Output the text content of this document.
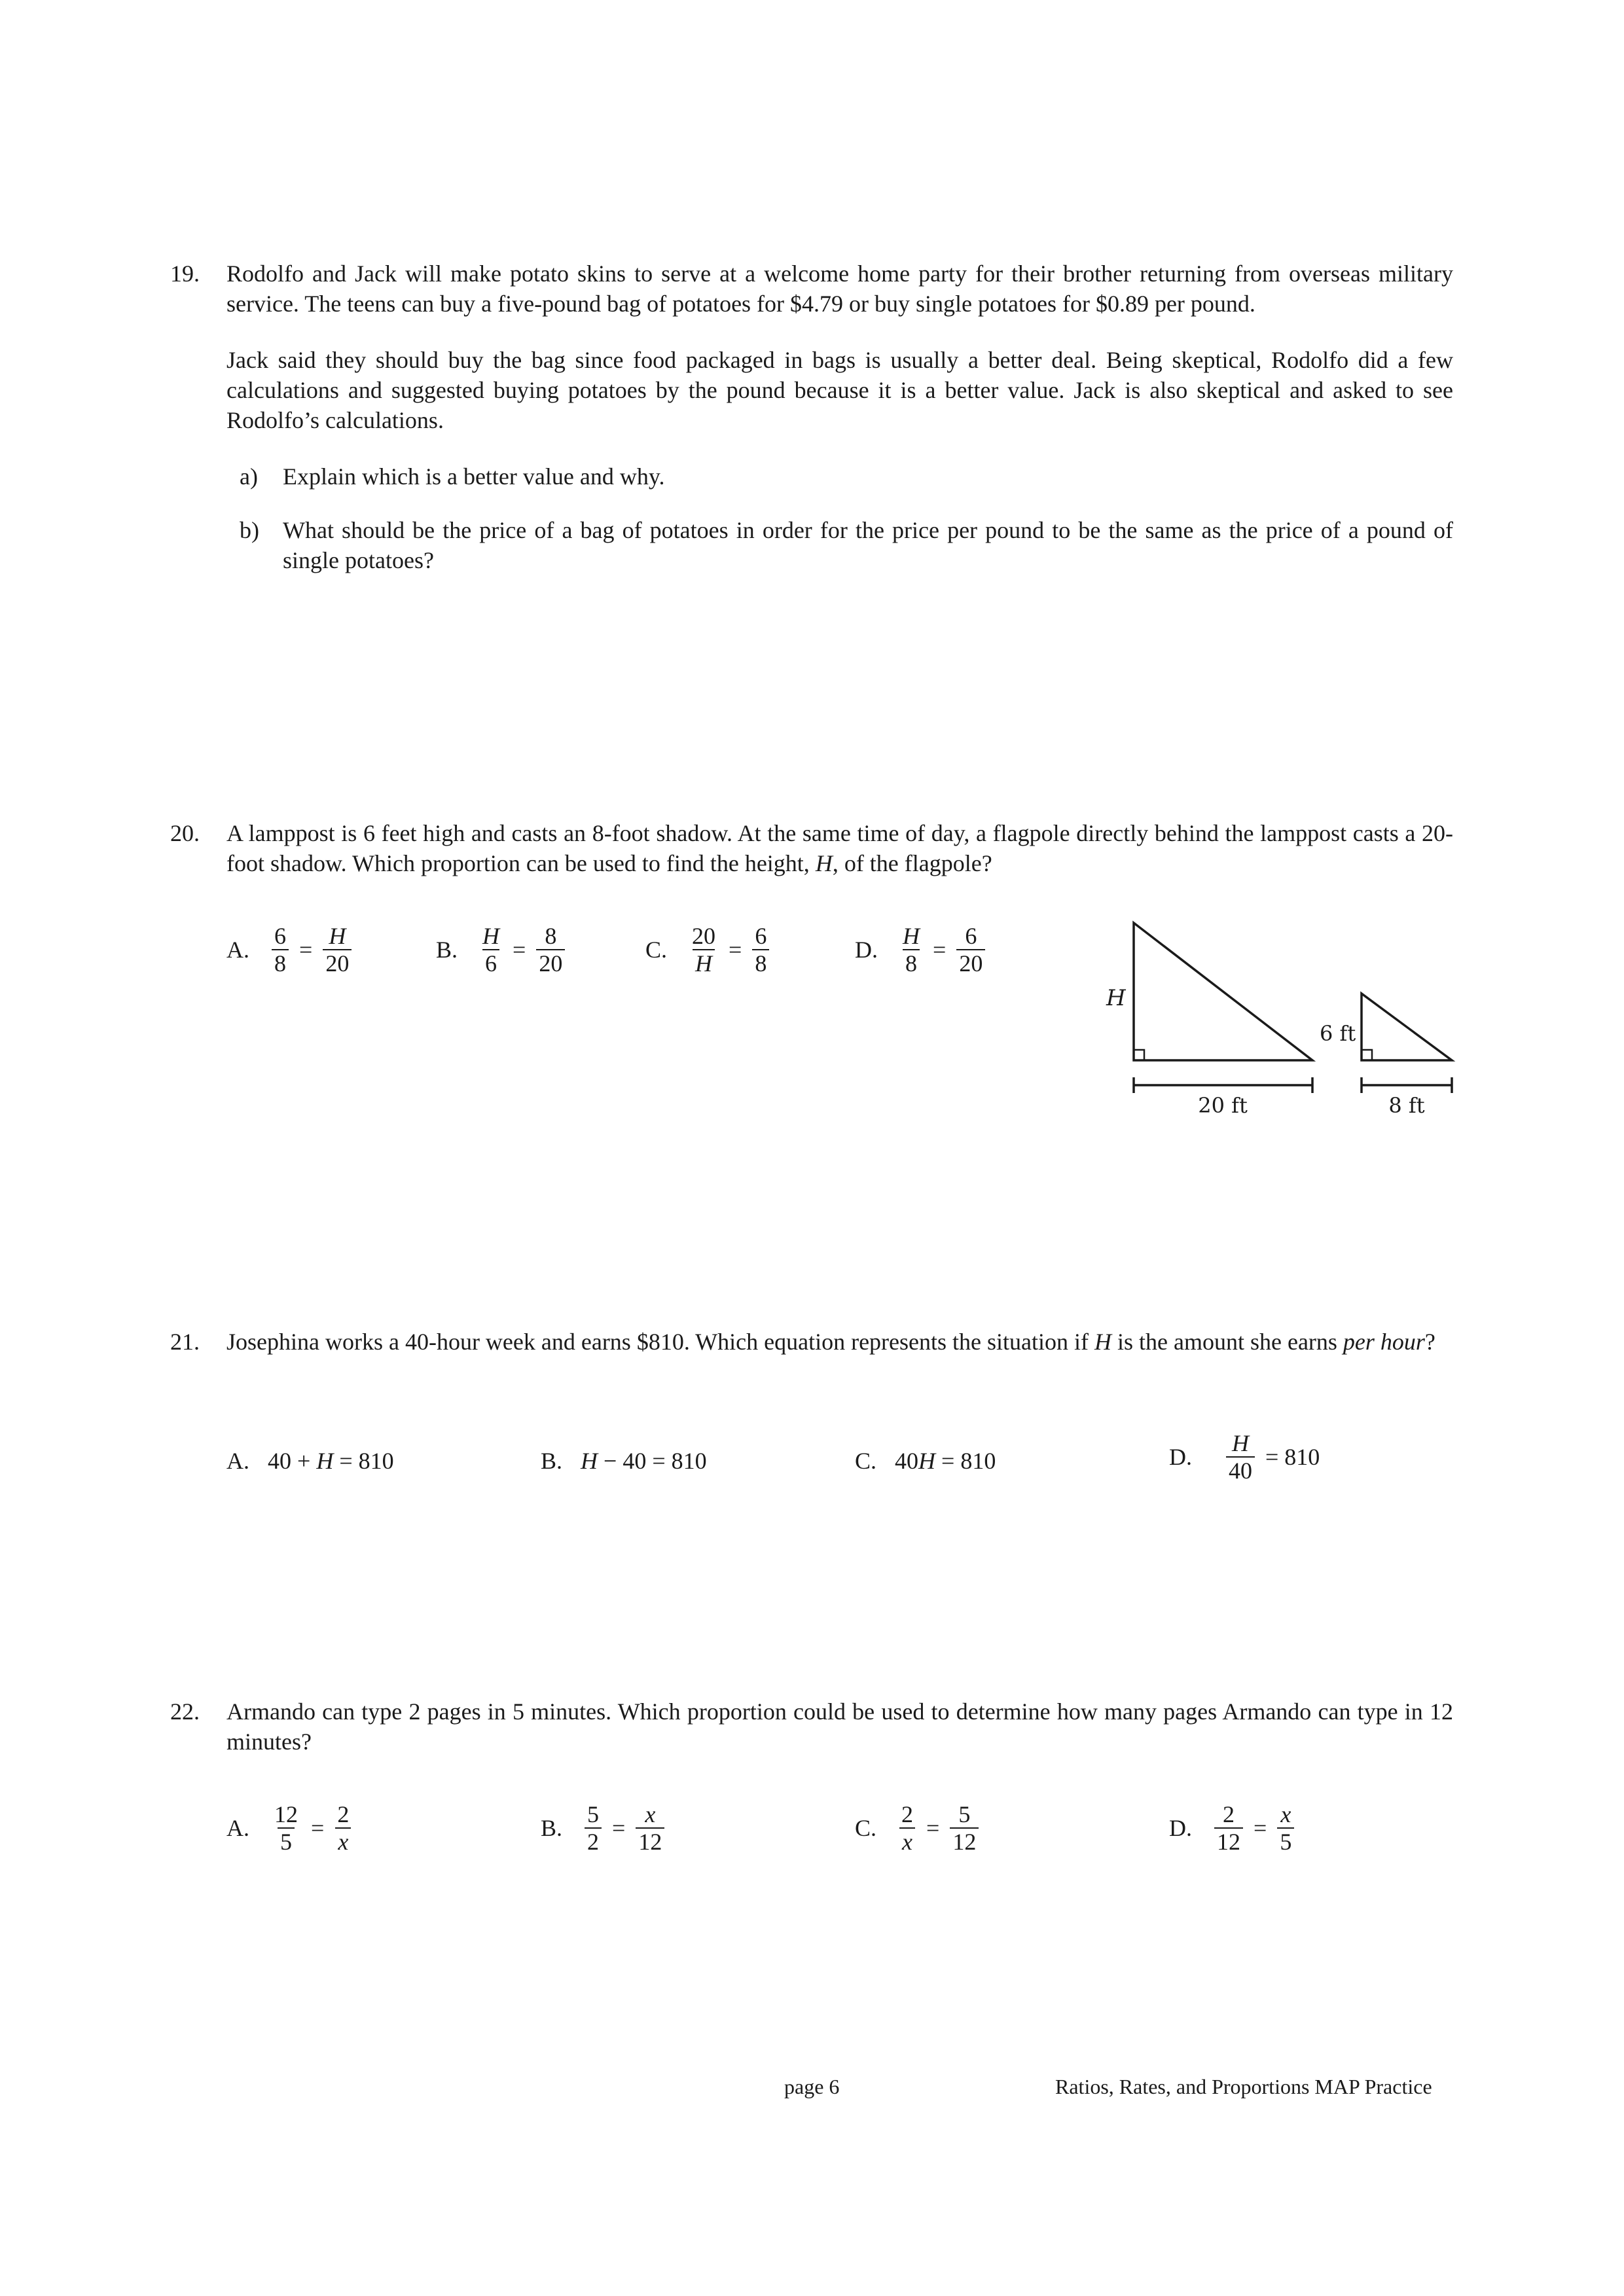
19. Rodolfo and Jack will make potato skins to serve at a welcome home party for their brother returning from overseas military service. The teens can buy a five-pound bag of potatoes for $4.79 or buy single potatoes for $0.89 per pound.

Jack said they should buy the bag since food packaged in bags is usually a better deal. Being skeptical, Rodolfo did a few calculations and suggested buying potatoes by the pound because it is a better value. Jack is also skeptical and asked to see Rodolfo’s calculations.

a) Explain which is a better value and why.
b) What should be the price of a bag of potatoes in order for the price per pound to be the same as the price of a pound of single potatoes?
20. A lamppost is 6 feet high and casts an 8-foot shadow. At the same time of day, a flagpole directly behind the lamppost casts a 20-foot shadow. Which proportion can be used to find the height, H, of the flagpole?
A. $\frac{6}{8} = \frac{H}{20}$	B. $\frac{H}{6} = \frac{8}{20}$	C. $\frac{20}{H} = \frac{6}{8}$	D. $\frac{H}{8} = \frac{6}{20}$
H
6 ft
20 ft	8 ft
21. Josephina works a 40-hour week and earns $810. Which equation represents the situation if H is the amount she earns per hour?
A. 40 + H = 810	B. H − 40 = 810	C. 40 H = 810	D. $\frac{H}{40} = 810$
22. Armando can type 2 pages in 5 minutes. Which proportion could be used to determine how many pages Armando can type in 12 minutes?
A. $\frac{12}{5} = \frac{2}{x}$	B. $\frac{5}{2} = \frac{x}{12}$	C. $\frac{2}{x} = \frac{5}{12}$	D. $\frac{2}{12} = \frac{x}{5}$
page 6	Ratios, Rates, and Proportions MAP Practice
